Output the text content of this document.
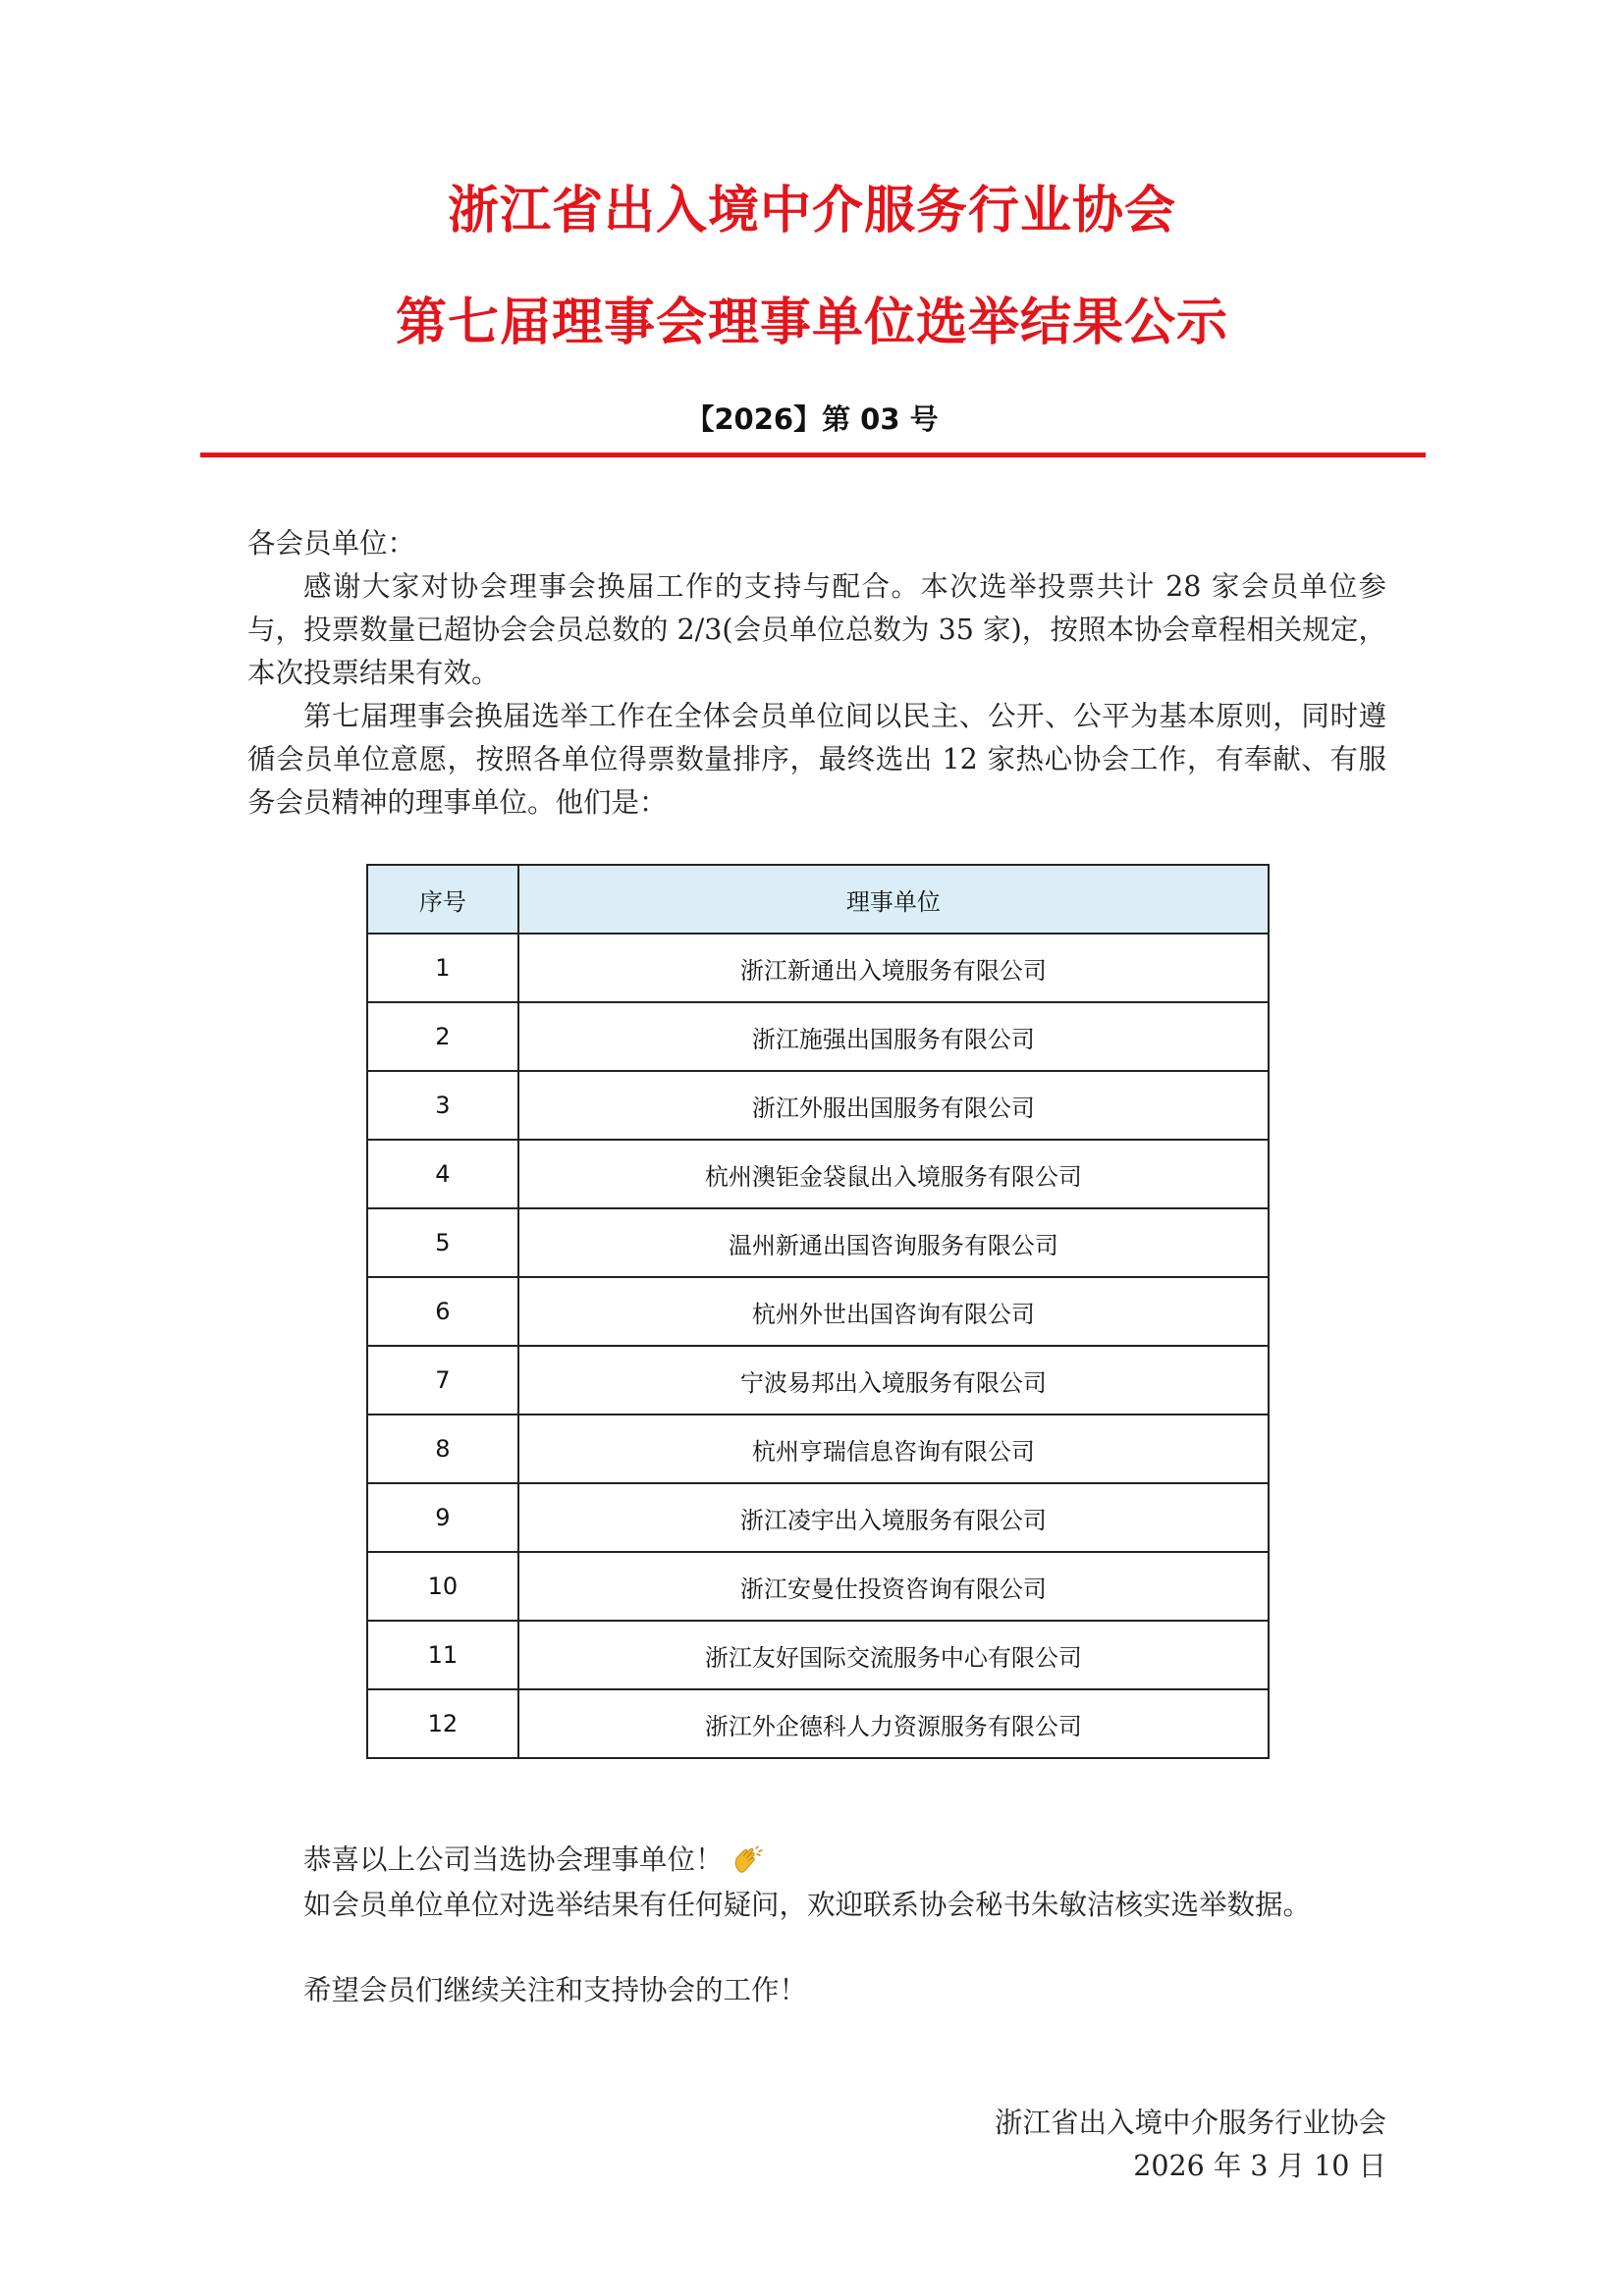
浙江省出入境中介服务行业协会
第七届理事会理事单位选举结果公示
【2026】第 03 号
各会员单位：

感谢大家对协会理事会换届工作的支持与配合。本次选举投票共计 28 家会员单位参与，投票数量已超协会会员总数的 2/3(会员单位总数为 35 家)，按照本协会章程相关规定，本次投票结果有效。

第七届理事会换届选举工作在全体会员单位间以民主、公开、公平为基本原则，同时遵循会员单位意愿，按照各单位得票数量排序，最终选出 12 家热心协会工作，有奉献、有服务会员精神的理事单位。他们是：

序号	理事单位
1	浙江新通出入境服务有限公司
2	浙江施强出国服务有限公司
3	浙江外服出国服务有限公司
4	杭州澳钜金袋鼠出入境服务有限公司
5	温州新通出国咨询服务有限公司
6	杭州外世出国咨询有限公司
7	宁波易邦出入境服务有限公司
8	杭州亨瑞信息咨询有限公司
9	浙江凌宇出入境服务有限公司
10	浙江安曼仕投资咨询有限公司
11	浙江友好国际交流服务中心有限公司
12	浙江外企德科人力资源服务有限公司
恭喜以上公司当选协会理事单位！
如会员单位单位对选举结果有任何疑问，欢迎联系协会秘书朱敏洁核实选举数据。
希望会员们继续关注和支持协会的工作！
浙江省出入境中介服务行业协会
2026 年 3 月 10 日
